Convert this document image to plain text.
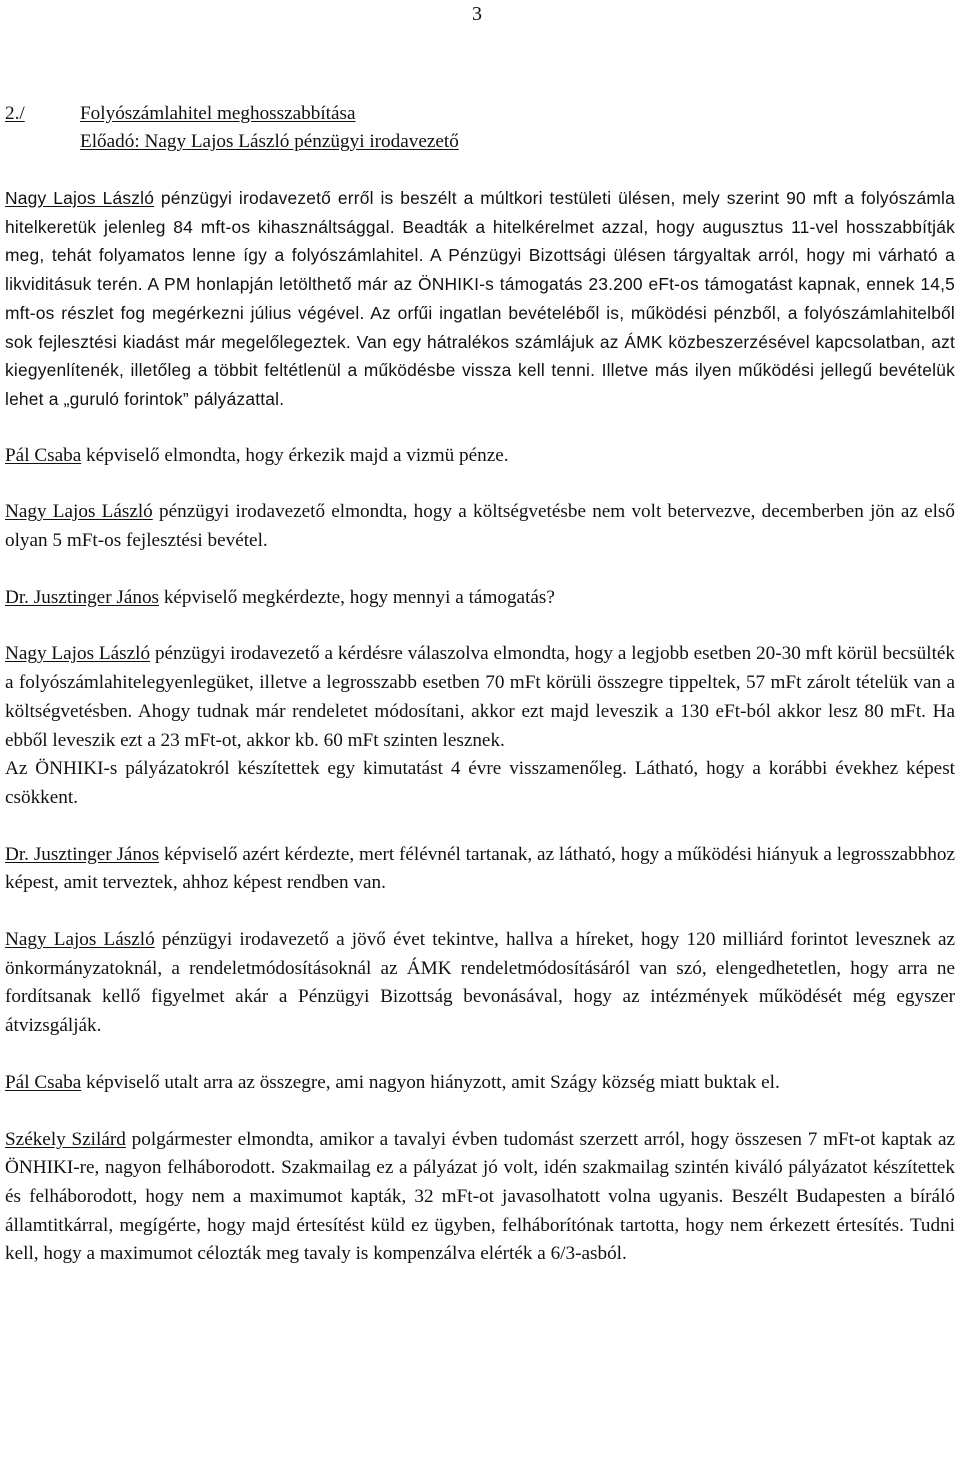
3
2./	Folyószámlahitel meghosszabbítása
Előadó: Nagy Lajos László pénzügyi irodavezető

Nagy Lajos László pénzügyi irodavezető erről is beszélt a múltkori testületi ülésen, mely szerint 90 mft a folyószámla hitelkeretük jelenleg 84 mft-os kihasználtsággal. Beadták a hitelkérelmet azzal, hogy augusztus 11-vel hosszabbítják meg, tehát folyamatos lenne így a folyószámlahitel. A Pénzügyi Bizottsági ülésen tárgyaltak arról, hogy mi várható a likviditásuk terén. A PM honlapján letölthető már az ÖNHIKI-s támogatás 23.200 eFt-os támogatást kapnak, ennek 14,5 mft-os részlet fog megérkezni július végével. Az orfűi ingatlan bevételéből is, működési pénzből, a folyószámlahitelből sok fejlesztési kiadást már megelőlegeztek. Van egy hátralékos számlájuk az ÁMK közbeszerzésével kapcsolatban, azt kiegyenlítenék, illetőleg a többit feltétlenül a működésbe vissza kell tenni. Illetve más ilyen működési jellegű bevételük lehet a „guruló forintok” pályázattal.

Pál Csaba képviselő elmondta, hogy érkezik majd a vizmü pénze.

Nagy Lajos László pénzügyi irodavezető elmondta, hogy a költségvetésbe nem volt betervezve, decemberben jön az első olyan 5 mFt-os fejlesztési bevétel.

Dr. Jusztinger János képviselő megkérdezte, hogy mennyi a támogatás?

Nagy Lajos László pénzügyi irodavezető a kérdésre válaszolva elmondta, hogy a legjobb esetben 20-30 mft körül becsülték a folyószámlahitelegyenlegüket, illetve a legrosszabb esetben 70 mFt körüli összegre tippeltek, 57 mFt zárolt tételük van a költségvetésben. Ahogy tudnak már rendeletet módosítani, akkor ezt majd leveszik a 130 eFt-ból akkor lesz 80 mFt. Ha ebből leveszik ezt a 23 mFt-ot, akkor kb. 60 mFt szinten lesznek.

Az ÖNHIKI-s pályázatokról készítettek egy kimutatást 4 évre visszamenőleg. Látható, hogy a korábbi évekhez képest csökkent.

Dr. Jusztinger János képviselő azért kérdezte, mert félévnél tartanak, az látható, hogy a működési hiányuk a legrosszabbhoz képest, amit terveztek, ahhoz képest rendben van.

Nagy Lajos László pénzügyi irodavezető a jövő évet tekintve, hallva a híreket, hogy 120 milliárd forintot levesznek az önkormányzatoknál, a rendeletmódosításoknál az ÁMK rendeletmódosításáról van szó, elengedhetetlen, hogy arra ne fordítsanak kellő figyelmet akár a Pénzügyi Bizottság bevonásával, hogy az intézmények működését még egyszer átvizsgálják.

Pál Csaba képviselő utalt arra az összegre, ami nagyon hiányzott, amit Szágy község miatt buktak el.

Székely Szilárd polgármester elmondta, amikor a tavalyi évben tudomást szerzett arról, hogy összesen 7 mFt-ot kaptak az ÖNHIKI-re, nagyon felháborodott. Szakmailag ez a pályázat jó volt, idén szakmailag szintén kiváló pályázatot készítettek és felháborodott, hogy nem a maximumot kapták, 32 mFt-ot javasolhatott volna ugyanis. Beszélt Budapesten a bíráló államtitkárral, megígérte, hogy majd értesítést küld ez ügyben, felháborítónak tartotta, hogy nem érkezett értesítés. Tudni kell, hogy a maximumot célozták meg tavaly is kompenzálva elérték a 6/3-asból.
